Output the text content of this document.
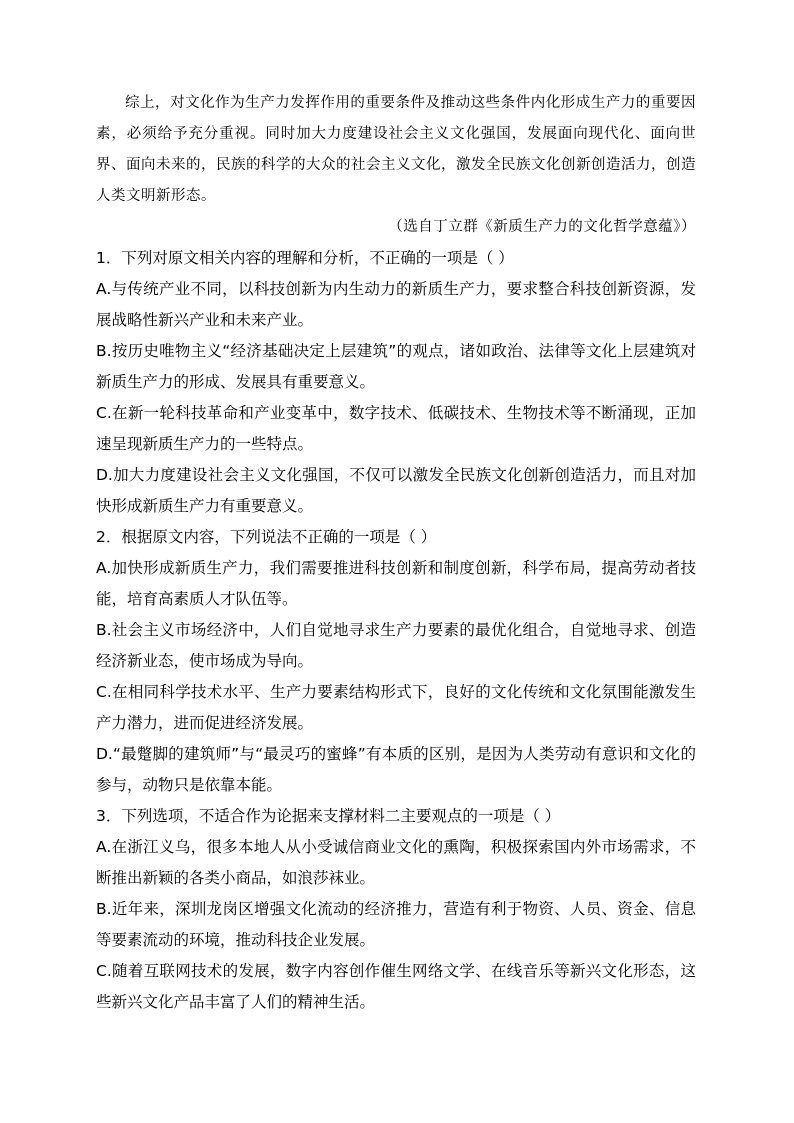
综上，对文化作为生产力发挥作用的重要条件及推动这些条件内化形成生产力的重要因素，必须给予充分重视。同时加大力度建设社会主义文化强国，发展面向现代化、面向世界、面向未来的，民族的科学的大众的社会主义文化，激发全民族文化创新创造活力，创造人类文明新形态。

（选自丁立群《新质生产力的文化哲学意蕴》）

1．下列对原文相关内容的理解和分析，不正确的一项是（ ）

A.与传统产业不同，以科技创新为内生动力的新质生产力，要求整合科技创新资源，发展战略性新兴产业和未来产业。

B.按历史唯物主义“经济基础决定上层建筑”的观点，诸如政治、法律等文化上层建筑对新质生产力的形成、发展具有重要意义。

C.在新一轮科技革命和产业变革中，数字技术、低碳技术、生物技术等不断涌现，正加速呈现新质生产力的一些特点。

D.加大力度建设社会主义文化强国，不仅可以激发全民族文化创新创造活力，而且对加快形成新质生产力有重要意义。

2．根据原文内容，下列说法不正确的一项是（ ）

A.加快形成新质生产力，我们需要推进科技创新和制度创新，科学布局，提高劳动者技能，培育高素质人才队伍等。

B.社会主义市场经济中，人们自觉地寻求生产力要素的最优化组合，自觉地寻求、创造经济新业态，使市场成为导向。

C.在相同科学技术水平、生产力要素结构形式下，良好的文化传统和文化氛围能激发生产力潜力，进而促进经济发展。

D.“最蹩脚的建筑师”与“最灵巧的蜜蜂”有本质的区别，是因为人类劳动有意识和文化的参与，动物只是依靠本能。

3．下列选项，不适合作为论据来支撑材料二主要观点的一项是（ ）

A.在浙江义乌，很多本地人从小受诚信商业文化的熏陶，积极探索国内外市场需求，不断推出新颖的各类小商品，如浪莎袜业。

B.近年来，深圳龙岗区增强文化流动的经济推力，营造有利于物资、人员、资金、信息等要素流动的环境，推动科技企业发展。

C.随着互联网技术的发展，数字内容创作催生网络文学、在线音乐等新兴文化形态，这些新兴文化产品丰富了人们的精神生活。
